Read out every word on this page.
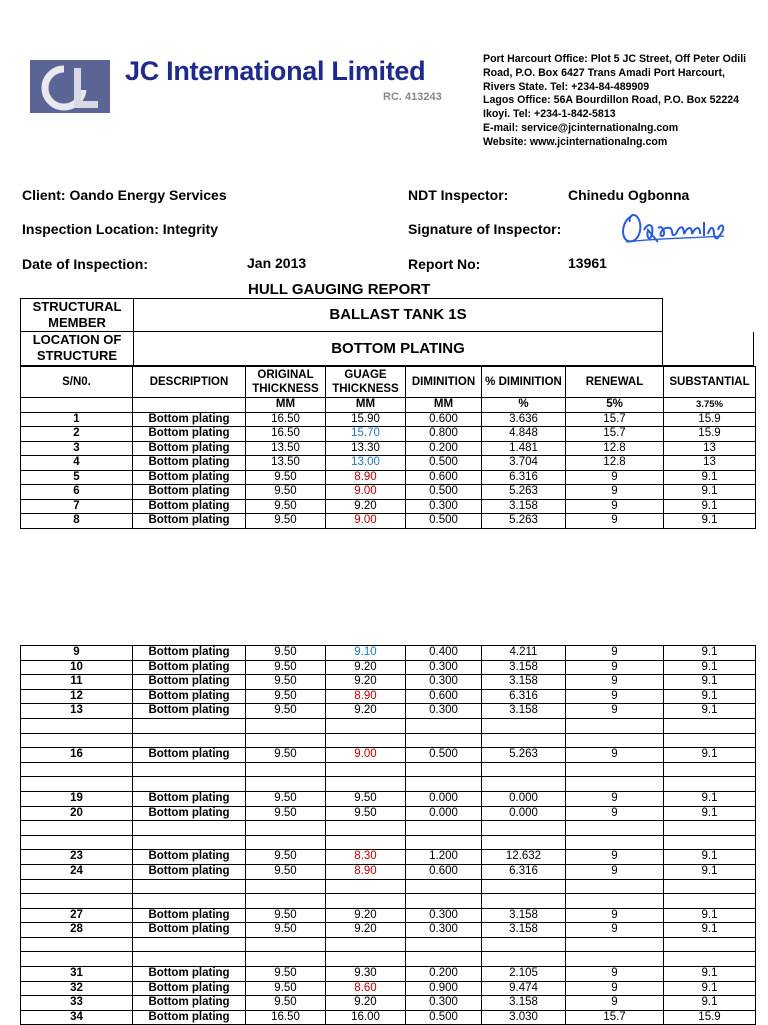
JC International Limited
RC. 413243
Port Harcourt Office: Plot 5 JC Street, Off Peter Odili
Road, P.O. Box 6427 Trans Amadi Port Harcourt,
Rivers State. Tel: +234-84-489909
Lagos Office: 56A Bourdillon Road, P.O. Box 52224
Ikoyi. Tel: +234-1-842-5813
E-mail: service@jcinternationalng.com
Website: www.jcinternationalng.com
Client: Oando Energy Services
Inspection Location: Integrity
Date of Inspection:	Jan 2013
NDT Inspector:	Chinedu Ogbonna
Signature of Inspector:
Report No:	13961
HULL GAUGING REPORT
STRUCTURAL MEMBER	BALLAST TANK 1S
LOCATION OF STRUCTURE	BOTTOM PLATING
S/N0.	DESCRIPTION	ORIGINAL THICKNESS	GUAGE THICKNESS	DIMINITION	% DIMINITION	RENEWAL	SUBSTANTIAL
		MM	MM	MM	%	5%	3.75%
1	Bottom plating	16.50	15.90	0.600	3.636	15.7	15.9
2	Bottom plating	16.50	15.70	0.800	4.848	15.7	15.9
3	Bottom plating	13.50	13.30	0.200	1.481	12.8	13
4	Bottom plating	13.50	13.00	0.500	3.704	12.8	13
5	Bottom plating	9.50	8.90	0.600	6.316	9	9.1
6	Bottom plating	9.50	9.00	0.500	5.263	9	9.1
7	Bottom plating	9.50	9.20	0.300	3.158	9	9.1
8	Bottom plating	9.50	9.00	0.500	5.263	9	9.1
9	Bottom plating	9.50	9.10	0.400	4.211	9	9.1
10	Bottom plating	9.50	9.20	0.300	3.158	9	9.1
11	Bottom plating	9.50	9.20	0.300	3.158	9	9.1
12	Bottom plating	9.50	8.90	0.600	6.316	9	9.1
13	Bottom plating	9.50	9.20	0.300	3.158	9	9.1

16	Bottom plating	9.50	9.00	0.500	5.263	9	9.1

19	Bottom plating	9.50	9.50	0.000	0.000	9	9.1
20	Bottom plating	9.50	9.50	0.000	0.000	9	9.1

23	Bottom plating	9.50	8.30	1.200	12.632	9	9.1
24	Bottom plating	9.50	8.90	0.600	6.316	9	9.1

27	Bottom plating	9.50	9.20	0.300	3.158	9	9.1
28	Bottom plating	9.50	9.20	0.300	3.158	9	9.1

31	Bottom plating	9.50	9.30	0.200	2.105	9	9.1
32	Bottom plating	9.50	8.60	0.900	9.474	9	9.1
33	Bottom plating	9.50	9.20	0.300	3.158	9	9.1
34	Bottom plating	16.50	16.00	0.500	3.030	15.7	15.9
